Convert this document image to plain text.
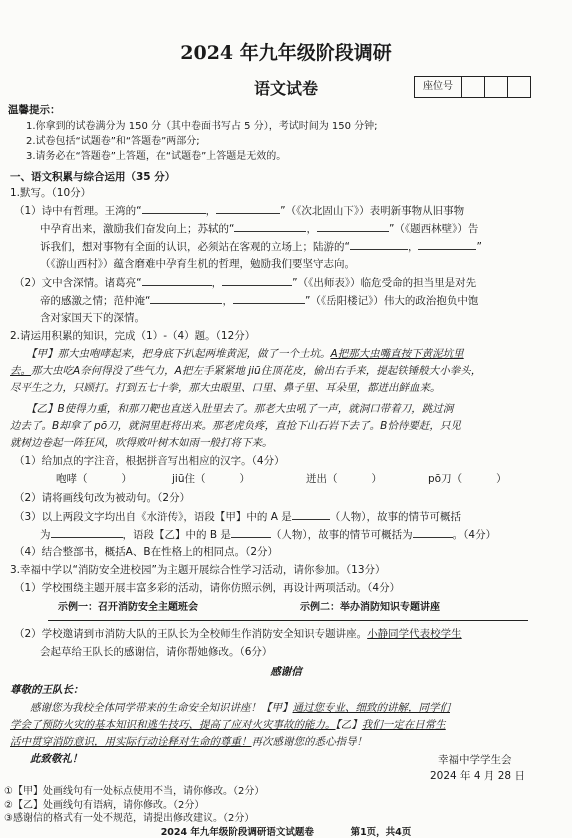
2024 年九年级阶段调研
语文试卷	座位号
温馨提示：
1.你拿到的试卷满分为 150 分（其中卷面书写占 5 分），考试时间为 150 分钟;
2.试卷包括“试题卷”和“答题卷”两部分;
3.请务必在“答题卷”上答题，在“试题卷”上答题是无效的。
一、语文积累与综合运用（35 分）
1.默写。（10分）
（1）诗中有哲理。王湾的“	，	”（《次北固山下》）表明新事物从旧事物
中孕育出来，激励我们奋发向上；苏轼的“	，	”（《题西林壁》）告
诉我们，想对事物有全面的认识，必须站在客观的立场上；陆游的“	，	”
（《游山西村》）蕴含磨难中孕育生机的哲理，勉励我们要坚守志向。
（2）文中含深情。诸葛亮“	，	”（《出师表》）临危受命的担当里是对先
帝的感激之情；范仲淹“	，	”（《岳阳楼记》）伟大的政治抱负中饱
含对家国天下的深情。
2.请运用积累的知识，完成（1）-（4）题。（12分）
【甲】那大虫咆哮起来，把身底下扒起两堆黄泥，做了一个土坑。A把那大虫嘴直按下黄泥坑里
去。那大虫吃A奈何得没了些气力，A把左手紧紧地 jiū住顶花皮，偷出右手来，提起铁锤般大小拳头，
尽平生之力，只顾打。打到五七十拳，那大虫眼里、口里、鼻子里、耳朵里，都迸出鲜血来。
【乙】B使得力重，和那刀靶也直送入肚里去了。那老大虫吼了一声，就洞口带着刀，跳过涧
边去了。B却拿了 pō刀，就洞里赶将出来。那老虎负疼，直抢下山石岩下去了。B恰待要赶，只见
就树边卷起一阵狂风，吹得败叶树木如雨一般打将下来。
（1）给加点的字注音，根据拼音写出相应的汉字。（4分）
咆哮（	）	jiū住（	）	迸出（	）	pō刀（	）
（2）请将画线句改为被动句。（2分）
（3）以上两段文字均出自《水浒传》，语段【甲】中的 A 是	（人物），故事的情节可概括
为	，语段【乙】中的 B 是	（人物），故事的情节可概括为	。（4分）
（4）结合整部书，概括A、B在性格上的相同点。（2分）
3.幸福中学以“消防安全进校园”为主题开展综合性学习活动，请你参加。（13分）
（1）学校围绕主题开展丰富多彩的活动，请你仿照示例，再设计两项活动。（4分）
示例一：召开消防安全主题班会	示例二：举办消防知识专题讲座
（2）学校邀请到市消防大队的王队长为全校师生作消防安全知识专题讲座。小静同学代表校学生
会起草给王队长的感谢信，请你帮她修改。（6分）
感谢信
尊敬的王队长：
感谢您为我校全体同学带来的生命安全知识讲座！【甲】通过您专业、细致的讲解，同学们
学会了预防火灾的基本知识和逃生技巧、提高了应对火灾事故的能力。【乙】我们一定在日常生
活中贯穿消防意识，用实际行动诠释对生命的尊重！再次感谢您的悉心指导！
此致敬礼！	幸福中学学生会
2024 年 4 月 28 日
2024 年九年级阶段调研语文试题卷	第1页，共4页
①【甲】处画线句有一处标点使用不当，请你修改。（2分）
②【乙】处画线句有语病，请你修改。（2分）
③感谢信的格式有一处不规范，请提出修改建议。（2分）
